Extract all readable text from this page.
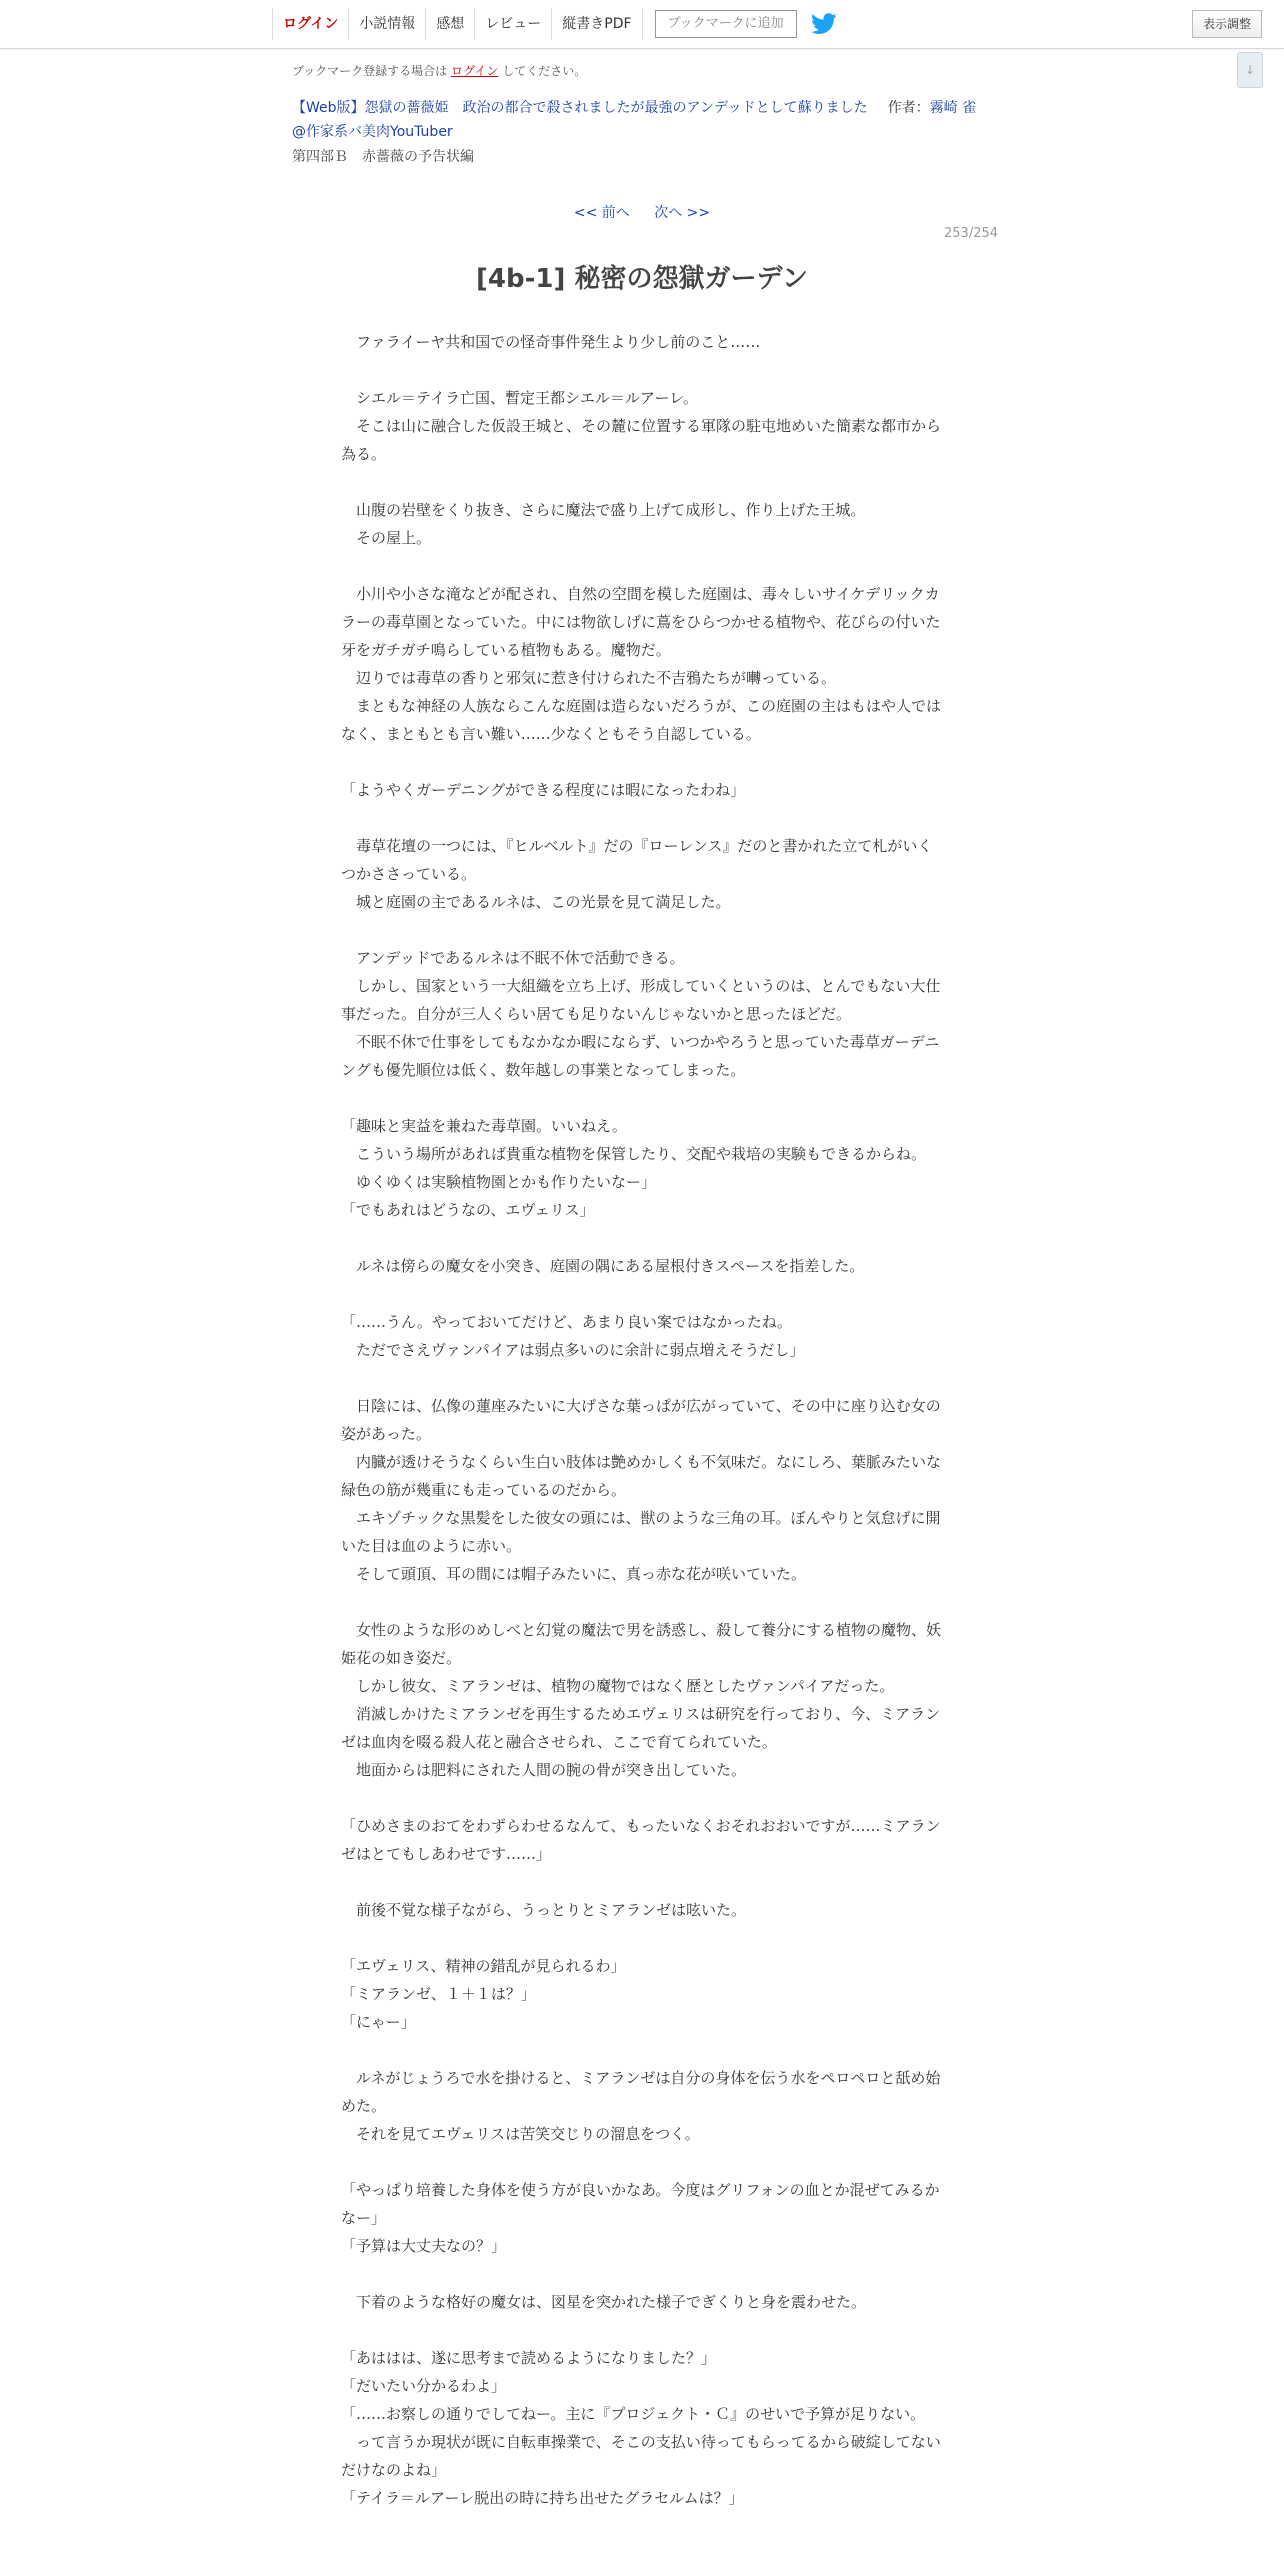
ログイン	小説情報	感想	レビュー	縦書きPDF	ブックマークに追加	表示調整
↓
ブックマーク登録する場合は ログイン してください。
【Web版】怨獄の薔薇姫　政治の都合で殺されましたが最強のアンデッドとして蘇りました 作者：霧崎 雀
@作家系バ美肉YouTuber
第四部Ｂ　赤薔薇の予告状編
<< 前へ 次へ >>
253/254
[4b-1] 秘密の怨獄ガーデン

　ファライーヤ共和国での怪奇事件発生より少し前のこと……

　シエル＝テイラ亡国、暫定王都シエル＝ルアーレ。

　そこは山に融合した仮設王城と、その麓に位置する軍隊の駐屯地めいた簡素な都市から為る。

　山腹の岩壁をくり抜き、さらに魔法で盛り上げて成形し、作り上げた王城。

　その屋上。

　小川や小さな滝などが配され、自然の空間を模した庭園は、毒々しいサイケデリックカラーの毒草園となっていた。中には物欲しげに蔦をひらつかせる植物や、花びらの付いた牙をガチガチ鳴らしている植物もある。魔物だ。

　辺りでは毒草の香りと邪気に惹き付けられた不吉鴉たちが囀っている。

　まともな神経の人族ならこんな庭園は造らないだろうが、この庭園の主はもはや人ではなく、まともとも言い難い……少なくともそう自認している。

「ようやくガーデニングができる程度には暇になったわね」

　毒草花壇の一つには、『ヒルベルト』だの『ローレンス』だのと書かれた立て札がいくつかささっている。

　城と庭園の主であるルネは、この光景を見て満足した。

　アンデッドであるルネは不眠不休で活動できる。

　しかし、国家という一大組織を立ち上げ、形成していくというのは、とんでもない大仕事だった。自分が三人くらい居ても足りないんじゃないかと思ったほどだ。

　不眠不休で仕事をしてもなかなか暇にならず、いつかやろうと思っていた毒草ガーデニングも優先順位は低く、数年越しの事業となってしまった。

「趣味と実益を兼ねた毒草園。いいねえ。

　こういう場所があれば貴重な植物を保管したり、交配や栽培の実験もできるからね。

　ゆくゆくは実験植物園とかも作りたいなー」

「でもあれはどうなの、エヴェリス」

　ルネは傍らの魔女を小突き、庭園の隅にある屋根付きスペースを指差した。

「……うん。やっておいてだけど、あまり良い案ではなかったね。

　ただでさえヴァンパイアは弱点多いのに余計に弱点増えそうだし」

　日陰には、仏像の蓮座みたいに大げさな葉っぱが広がっていて、その中に座り込む女の姿があった。

　内臓が透けそうなくらい生白い肢体は艶めかしくも不気味だ。なにしろ、葉脈みたいな緑色の筋が幾重にも走っているのだから。

　エキゾチックな黒髪をした彼女の頭には、獣のような三角の耳。ぼんやりと気怠げに開いた目は血のように赤い。

　そして頭頂、耳の間には帽子みたいに、真っ赤な花が咲いていた。

　女性のような形のめしべと幻覚の魔法で男を誘惑し、殺して養分にする植物の魔物、妖姫花の如き姿だ。

　しかし彼女、ミアランゼは、植物の魔物ではなく歴としたヴァンパイアだった。

　消滅しかけたミアランゼを再生するためエヴェリスは研究を行っており、今、ミアランゼは血肉を啜る殺人花と融合させられ、ここで育てられていた。

　地面からは肥料にされた人間の腕の骨が突き出していた。

「ひめさまのおてをわずらわせるなんて、もったいなくおそれおおいですが……ミアランゼはとてもしあわせです……」

　前後不覚な様子ながら、うっとりとミアランゼは呟いた。

「エヴェリス、精神の錯乱が見られるわ」

「ミアランゼ、１＋１は？」

「にゃー」

　ルネがじょうろで水を掛けると、ミアランゼは自分の身体を伝う水をペロペロと舐め始めた。

　それを見てエヴェリスは苦笑交じりの溜息をつく。

「やっぱり培養した身体を使う方が良いかなあ。今度はグリフォンの血とか混ぜてみるかなー」

「予算は大丈夫なの？」

　下着のような格好の魔女は、図星を突かれた様子でぎくりと身を震わせた。

「あははは、遂に思考まで読めるようになりました？」

「だいたい分かるわよ」

「……お察しの通りでしてねー。主に『プロジェクト・Ｃ』のせいで予算が足りない。

　って言うか現状が既に自転車操業で、そこの支払い待ってもらってるから破綻してないだけなのよね」

「テイラ＝ルアーレ脱出の時に持ち出せたグラセルムは？」
